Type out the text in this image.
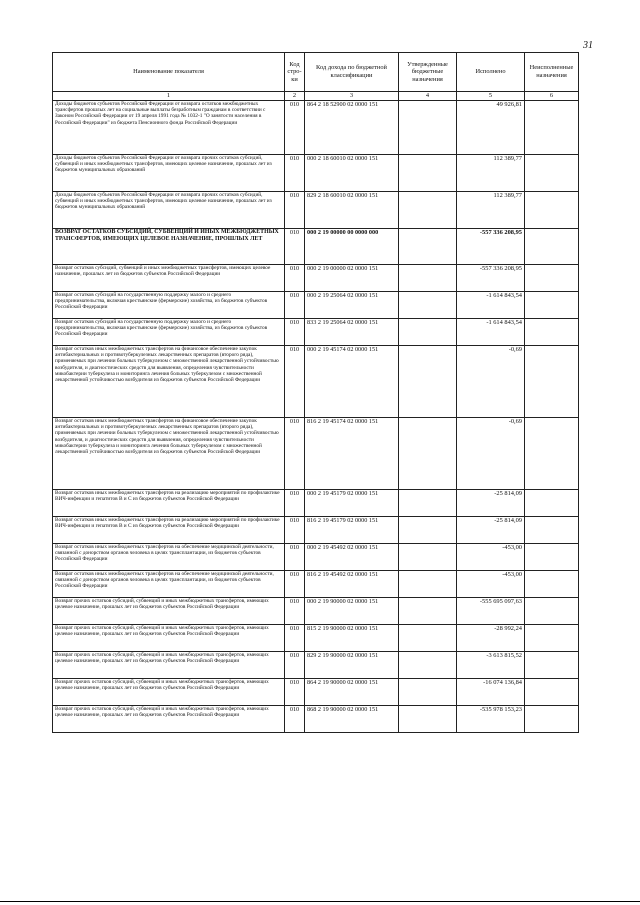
31
Наименование показателя	Код стро-ки	Код дохода по бюджетной классификации	Утвержденные бюджетные назначения	Исполнено	Неисполненные назначения
1	2	3	4	5	6
Доходы бюджетов субъектов Российской Федерации от возврата остатков межбюджетных трансфертов прошлых лет на социальные выплаты безработным гражданам в соответствии с Законом Российской Федерации от 19 апреля 1991 года № 1032-1 "О занятости населения в Российской Федерации" из бюджета Пенсионного фонда Российской Федерации	010	864 2 18 52900 02 0000 151		49 926,81	
Доходы бюджетов субъектов Российской Федерации от возврата прочих остатков субсидий, субвенций и иных межбюджетных трансфертов, имеющих целевое назначение, прошлых лет из бюджетов муниципальных образований	010	000 2 18 60010 02 0000 151		112 389,77	
Доходы бюджетов субъектов Российской Федерации от возврата прочих остатков субсидий, субвенций и иных межбюджетных трансфертов, имеющих целевое назначение, прошлых лет из бюджетов муниципальных образований	010	829 2 18 60010 02 0000 151		112 389,77	
ВОЗВРАТ ОСТАТКОВ СУБСИДИЙ, СУБВЕНЦИЙ И ИНЫХ МЕЖБЮДЖЕТНЫХ ТРАНСФЕРТОВ, ИМЕЮЩИХ ЦЕЛЕВОЕ НАЗНАЧЕНИЕ, ПРОШЛЫХ ЛЕТ	010	000 2 19 00000 00 0000 000		-557 336 208,95	
Возврат остатков субсидий, субвенций и иных межбюджетных трансфертов, имеющих целевое назначение, прошлых лет из бюджетов субъектов Российской Федерации	010	000 2 19 00000 02 0000 151		-557 336 208,95	
Возврат остатков субсидий на государственную поддержку малого и среднего предпринимательства, включая крестьянские (фермерские) хозяйства, из бюджетов субъектов Российской Федерации	010	000 2 19 25064 02 0000 151		-1 614 843,54	
Возврат остатков субсидий на государственную поддержку малого и среднего предпринимательства, включая крестьянские (фермерские) хозяйства, из бюджетов субъектов Российской Федерации	010	833 2 19 25064 02 0000 151		-1 614 843,54	
Возврат остатков иных межбюджетных трансфертов на финансовое обеспечение закупок антибактериальных и противотуберкулезных лекарственных препаратов (второго ряда), применяемых при лечении больных туберкулезом с множественной лекарственной устойчивостью возбудителя, и диагностических средств для выявления, определения чувствительности микобактерии туберкулеза и мониторинга лечения больных туберкулезом с множественной лекарственной устойчивостью возбудителя из бюджетов субъектов Российской Федерации	010	000 2 19 45174 02 0000 151		-0,69	
Возврат остатков иных межбюджетных трансфертов на финансовое обеспечение закупок антибактериальных и противотуберкулезных лекарственных препаратов (второго ряда), применяемых при лечении больных туберкулезом с множественной лекарственной устойчивостью возбудителя, и диагностических средств для выявления, определения чувствительности микобактерии туберкулеза и мониторинга лечения больных туберкулезом с множественной лекарственной устойчивостью возбудителя из бюджетов субъектов Российской Федерации	010	816 2 19 45174 02 0000 151		-0,69	
Возврат остатков иных межбюджетных трансфертов на реализацию мероприятий по профилактике ВИЧ-инфекции и гепатитов В и С из бюджетов субъектов Российской Федерации	010	000 2 19 45179 02 0000 151		-25 814,09	
Возврат остатков иных межбюджетных трансфертов на реализацию мероприятий по профилактике ВИЧ-инфекции и гепатитов В и С из бюджетов субъектов Российской Федерации	010	816 2 19 45179 02 0000 151		-25 814,09	
Возврат остатков иных межбюджетных трансфертов на обеспечение медицинской деятельности, связанной с донорством органов человека в целях трансплантации, из бюджетов субъектов Российской Федерации	010	000 2 19 45492 02 0000 151		-453,00	
Возврат остатков иных межбюджетных трансфертов на обеспечение медицинской деятельности, связанной с донорством органов человека в целях трансплантации, из бюджетов субъектов Российской Федерации	010	816 2 19 45492 02 0000 151		-453,00	
Возврат прочих остатков субсидий, субвенций и иных межбюджетных трансфертов, имеющих целевое назначение, прошлых лет из бюджетов субъектов Российской Федерации	010	000 2 19 90000 02 0000 151		-555 695 097,63	
Возврат прочих остатков субсидий, субвенций и иных межбюджетных трансфертов, имеющих целевое назначение, прошлых лет из бюджетов субъектов Российской Федерации	010	815 2 19 90000 02 0000 151		-28 992,24	
Возврат прочих остатков субсидий, субвенций и иных межбюджетных трансфертов, имеющих целевое назначение, прошлых лет из бюджетов субъектов Российской Федерации	010	829 2 19 90000 02 0000 151		-3 613 815,52	
Возврат прочих остатков субсидий, субвенций и иных межбюджетных трансфертов, имеющих целевое назначение, прошлых лет из бюджетов субъектов Российской Федерации	010	864 2 19 90000 02 0000 151		-16 074 136,84	
Возврат прочих остатков субсидий, субвенций и иных межбюджетных трансфертов, имеющих целевое назначение, прошлых лет из бюджетов субъектов Российской Федерации	010	868 2 19 90000 02 0000 151		-535 978 153,23	
